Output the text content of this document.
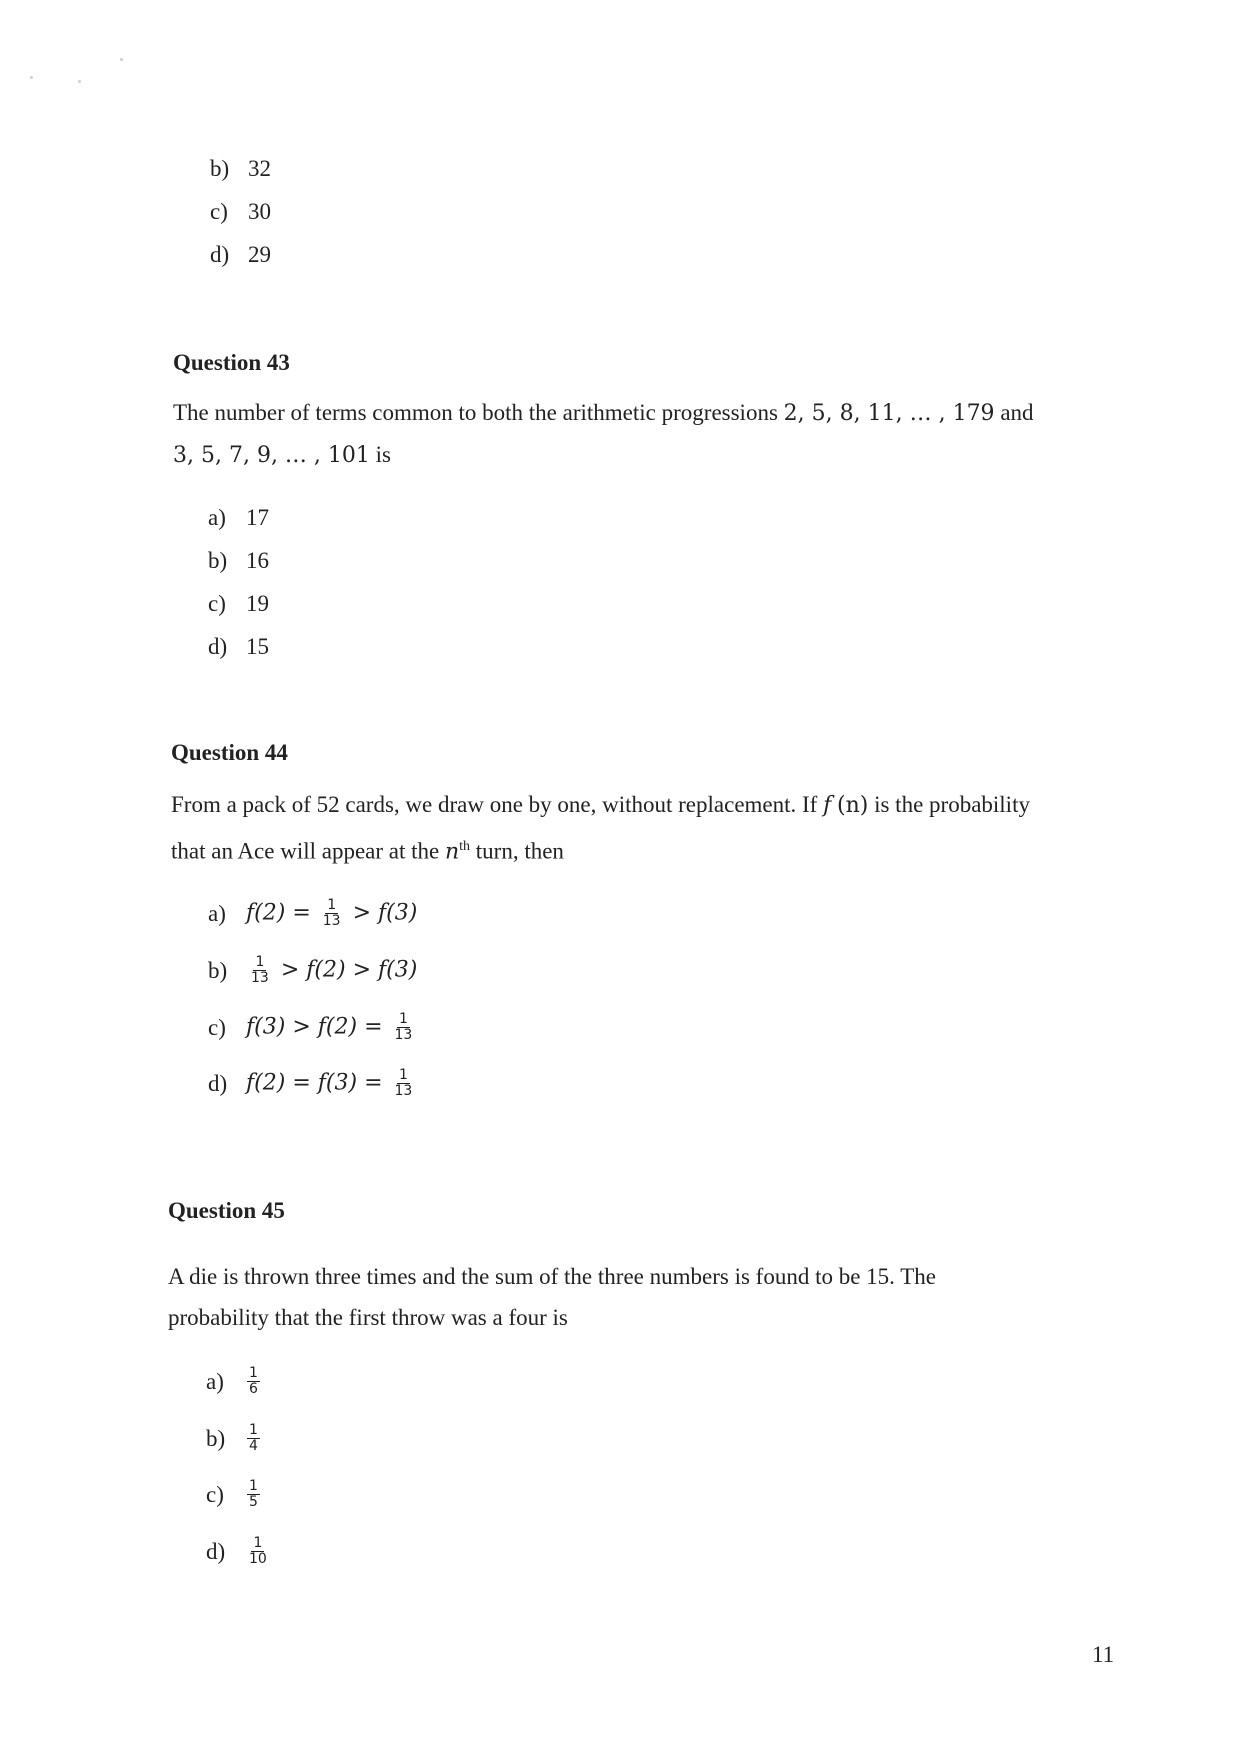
b) 32
c) 30
d) 29
Question 43
The number of terms common to both the arithmetic progressions 2, 5, 8, 11, … , 179 and
3, 5, 7, 9, … , 101 is
a) 17
b) 16
c) 19
d) 15
Question 44
From a pack of 52 cards, we draw one by one, without replacement. If f (n) is the probability
that an Ace will appear at the $n^{th}$ turn, then
a) $f(2) = \frac{1}{13} > f(3)$
b)	$\frac{1}{13} > f(2) > f(3)$
c) $f(3) > f(2) = \frac{1}{13}$
d) $f(2) = f(3) = \frac{1}{13}$
Question 45
A die is thrown three times and the sum of the three numbers is found to be 15. The
probability that the first throw was a four is
a)	$\frac{1}{6}$
b)	$\frac{1}{4}$
c)	$\frac{1}{5}$
d)	$\frac{1}{10}$
11
